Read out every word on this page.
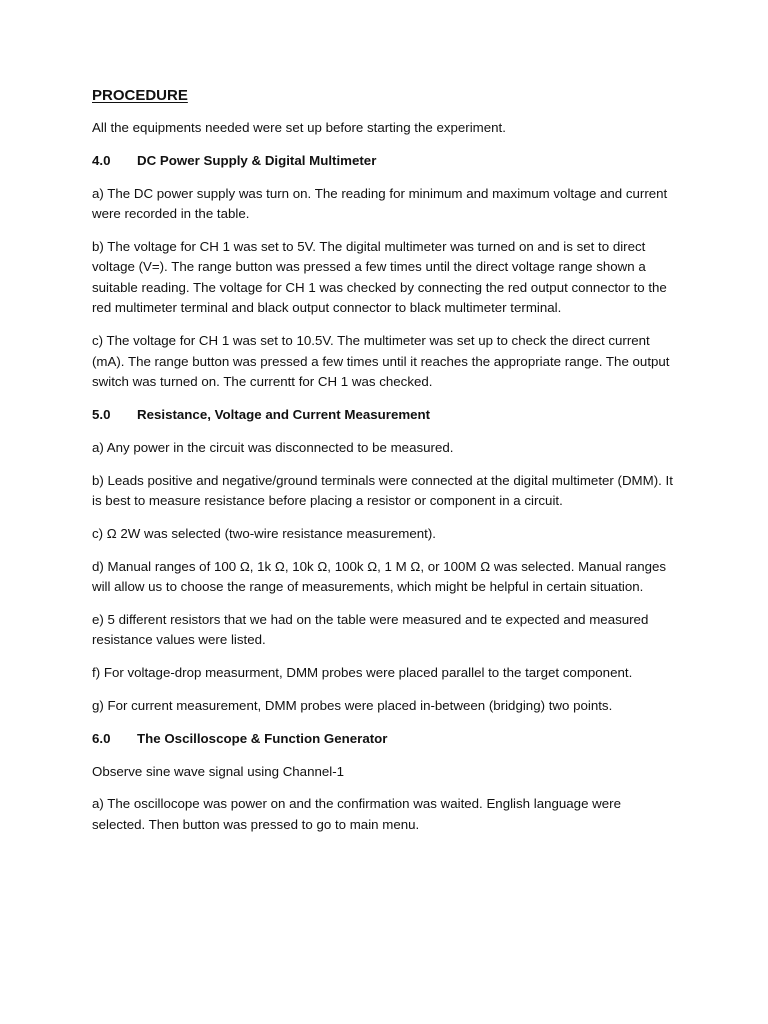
PROCEDURE

All the equipments needed were set up before starting the experiment.

4.0	DC Power Supply & Digital Multimeter

a) The DC power supply was turn on. The reading for minimum and maximum voltage and current were recorded in the table.

b) The voltage for CH 1 was set to 5V. The digital multimeter was turned on and is set to direct voltage (V=). The range button was pressed a few times until the direct voltage range shown a suitable reading. The voltage for CH 1 was checked by connecting the red output connector to the red multimeter terminal and black output connector to black multimeter terminal.

c) The voltage for CH 1 was set to 10.5V. The multimeter was set up to check the direct current (mA). The range button was pressed a few times until it reaches the appropriate range. The output switch was turned on. The currentt for CH 1 was checked.

5.0	Resistance, Voltage and Current Measurement

a) Any power in the circuit was disconnected to be measured.

b) Leads positive and negative/ground terminals were connected at the digital multimeter (DMM). It is best to measure resistance before placing a resistor or component in a circuit.

c) Ω 2W was selected (two-wire resistance measurement).

d) Manual ranges of 100 Ω, 1k Ω, 10k Ω, 100k Ω, 1 M Ω, or 100M Ω was selected. Manual ranges will allow us to choose the range of measurements, which might be helpful in certain situation.

e) 5 different resistors that we had on the table were measured and te expected and measured resistance values were listed.

f) For voltage-drop measurment, DMM probes were placed parallel to the target component.

g) For current measurement, DMM probes were placed in-between (bridging) two points.

6.0	The Oscilloscope & Function Generator

Observe sine wave signal using Channel-1

a) The oscillocope was power on and the confirmation was waited. English language were selected. Then button was pressed to go to main menu.
